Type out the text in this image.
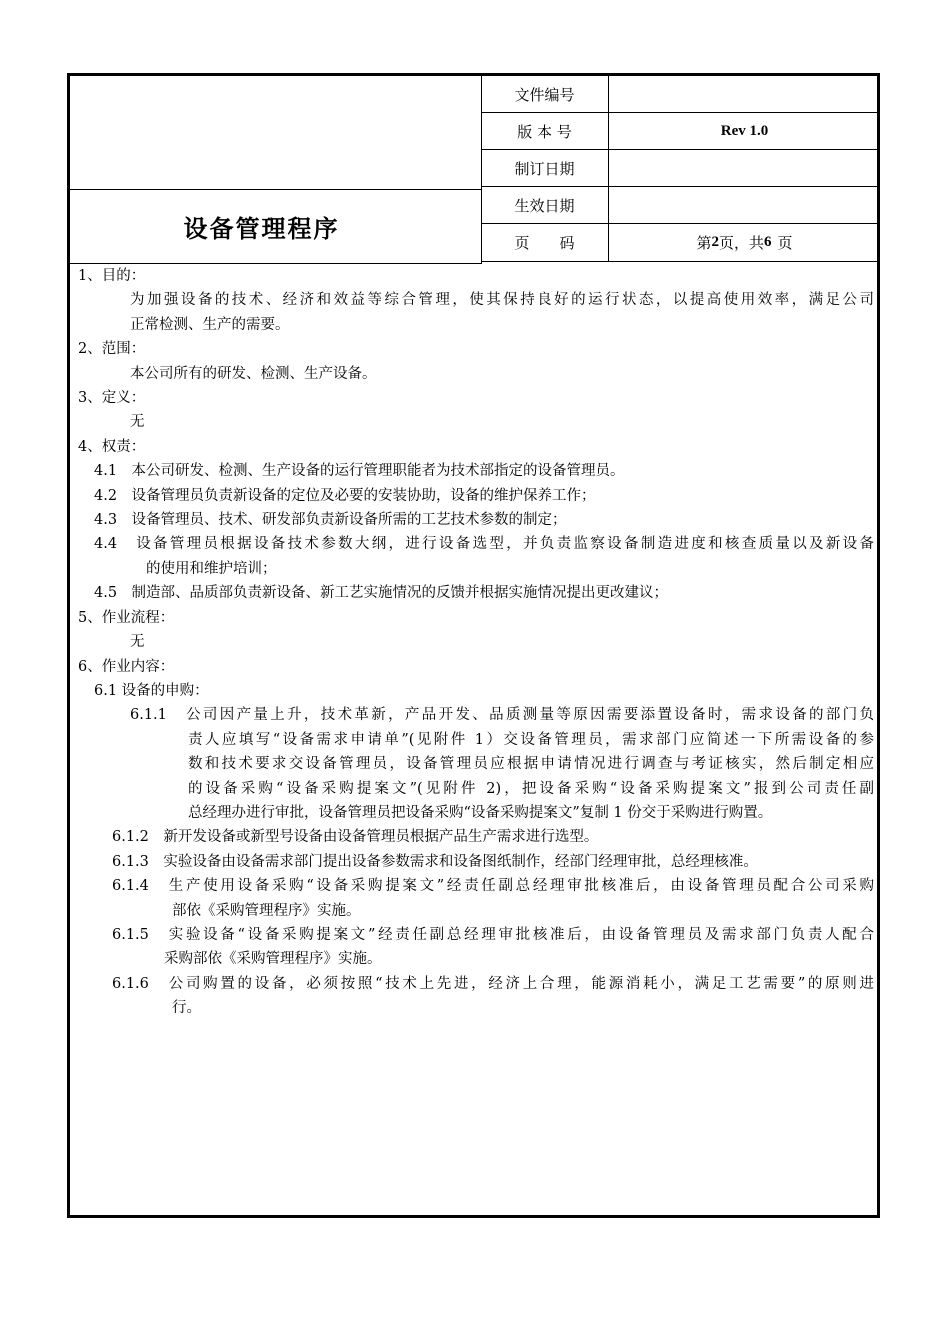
设备管理程序
文件编号
版 本 号	Rev 1.0
制订日期
生效日期
页　　码	第 2 页，共 6 页
1、目的：
为加强设备的技术、经济和效益等综合管理，使其保持良好的运行状态，以提高使用效率，满足公司
正常检测、生产的需要。
2、范围：
本公司所有的研发、检测、生产设备。
3、定义：
无
4、权责：
4.1　本公司研发、检测、生产设备的运行管理职能者为技术部指定的设备管理员。
4.2　设备管理员负责新设备的定位及必要的安装协助，设备的维护保养工作；
4.3　设备管理员、技术、研发部负责新设备所需的工艺技术参数的制定；
4.4　设备管理员根据设备技术参数大纲，进行设备选型，并负责监察设备制造进度和核查质量以及新设备
的使用和维护培训；
4.5　制造部、品质部负责新设备、新工艺实施情况的反馈并根据实施情况提出更改建议；
5、作业流程：
无
6、作业内容：
6.1 设备的申购：
6.1.1　公司因产量上升，技术革新，产品开发、品质测量等原因需要添置设备时，需求设备的部门负
责人应填写“设备需求申请单”(见附件 1）交设备管理员，需求部门应简述一下所需设备的参
数和技术要求交设备管理员，设备管理员应根据申请情况进行调查与考证核实，然后制定相应
的设备采购“设备采购提案文”(见附件 2)，把设备采购“设备采购提案文”报到公司责任副
总经理办进行审批，设备管理员把设备采购“设备采购提案文”复制 1 份交于采购进行购置。
6.1.2　新开发设备或新型号设备由设备管理员根据产品生产需求进行选型。
6.1.3　实验设备由设备需求部门提出设备参数需求和设备图纸制作，经部门经理审批，总经理核准。
6.1.4　生产使用设备采购“设备采购提案文”经责任副总经理审批核准后，由设备管理员配合公司采购
部依《采购管理程序》实施。
6.1.5　实验设备“设备采购提案文”经责任副总经理审批核准后，由设备管理员及需求部门负责人配合
采购部依《采购管理程序》实施。
6.1.6　公司购置的设备，必须按照“技术上先进，经济上合理，能源消耗小，满足工艺需要”的原则进
行。
